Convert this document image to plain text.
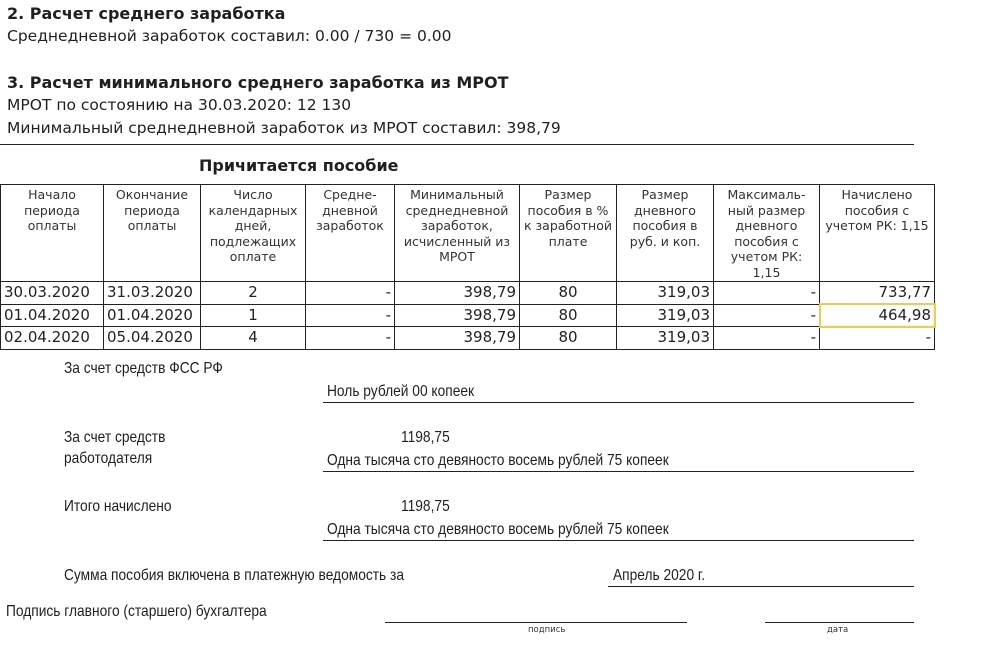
2. Расчет среднего заработка
Среднедневной заработок составил: 0.00 / 730 = 0.00
3. Расчет минимального среднего заработка из МРОТ
МРОТ по состоянию на 30.03.2020: 12 130
Минимальный среднедневной заработок из МРОТ составил: 398,79
Причитается пособие
Начало периода оплаты	Окончание периода оплаты	Число календарных дней, подлежащих оплате	Средне-дневной заработок	Минимальный среднедневной заработок, исчисленный из МРОТ	Размер пособия в % к заработной плате	Размер дневного пособия в руб. и коп.	Максималь-ный размер дневного пособия с учетом РК: 1,15	Начислено пособия с учетом РК: 1,15
30.03.2020	31.03.2020	2	-	398,79	80	319,03	-	733,77
01.04.2020	01.04.2020	1	-	398,79	80	319,03	-	464,98
02.04.2020	05.04.2020	4	-	398,79	80	319,03	-	-
За счет средств ФСС РФ
Ноль рублей 00 копеек
За счет средств
работодателя
1198,75
Одна тысяча сто девяносто восемь рублей 75 копеек
Итого начислено	1198,75
Одна тысяча сто девяносто восемь рублей 75 копеек
Сумма пособия включена в платежную ведомость за	Апрель 2020 г.
Подпись главного (старшего) бухгалтера
подпись	дата
